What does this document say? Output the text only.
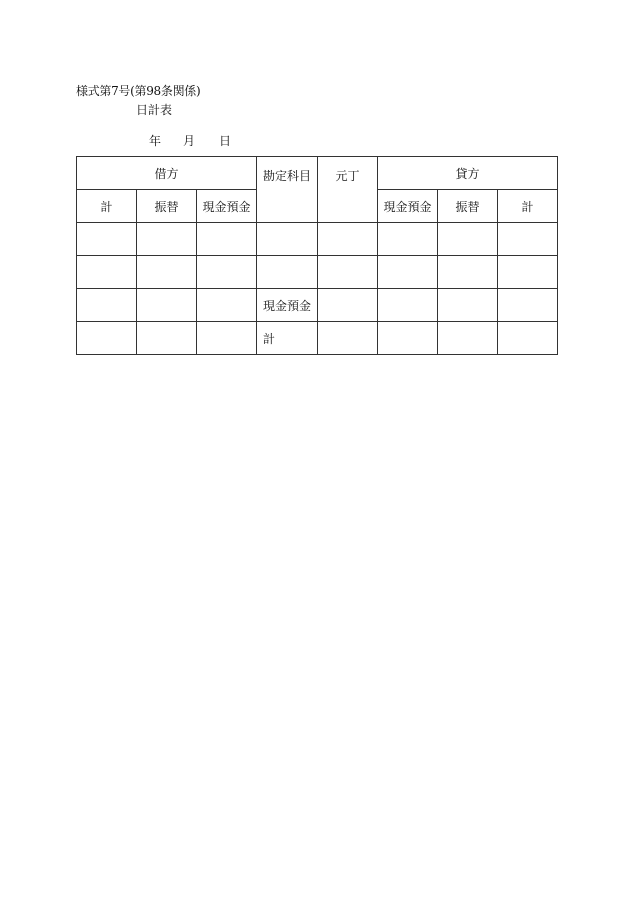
様式第7号(第98条関係)
日計表
年 月 日
借方			勘定科目	元丁	貸方		
計	振替	現金預金			現金預金	振替	計

			現金預金				
			計				
